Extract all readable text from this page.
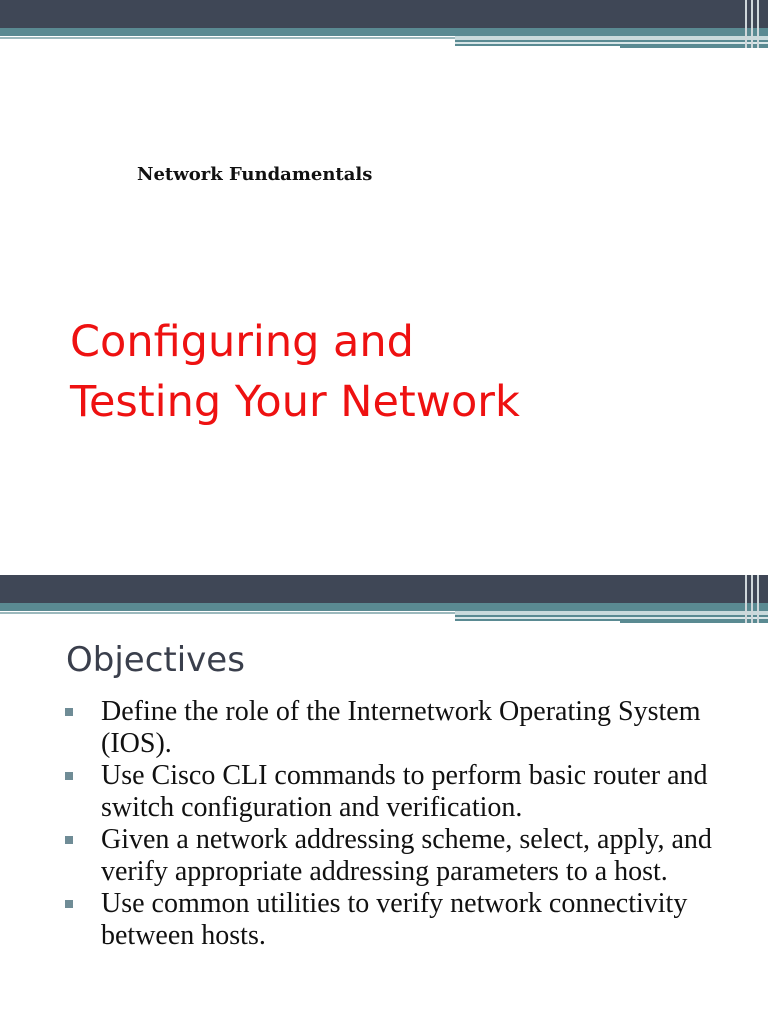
Network Fundamentals
Configuring and
Testing Your Network
Objectives
Define the role of the Internetwork Operating System (IOS).
Use Cisco CLI commands to perform basic router and switch configuration and verification.
Given a network addressing scheme, select, apply, and verify appropriate addressing parameters to a host.
Use common utilities to verify network connectivity between hosts.
